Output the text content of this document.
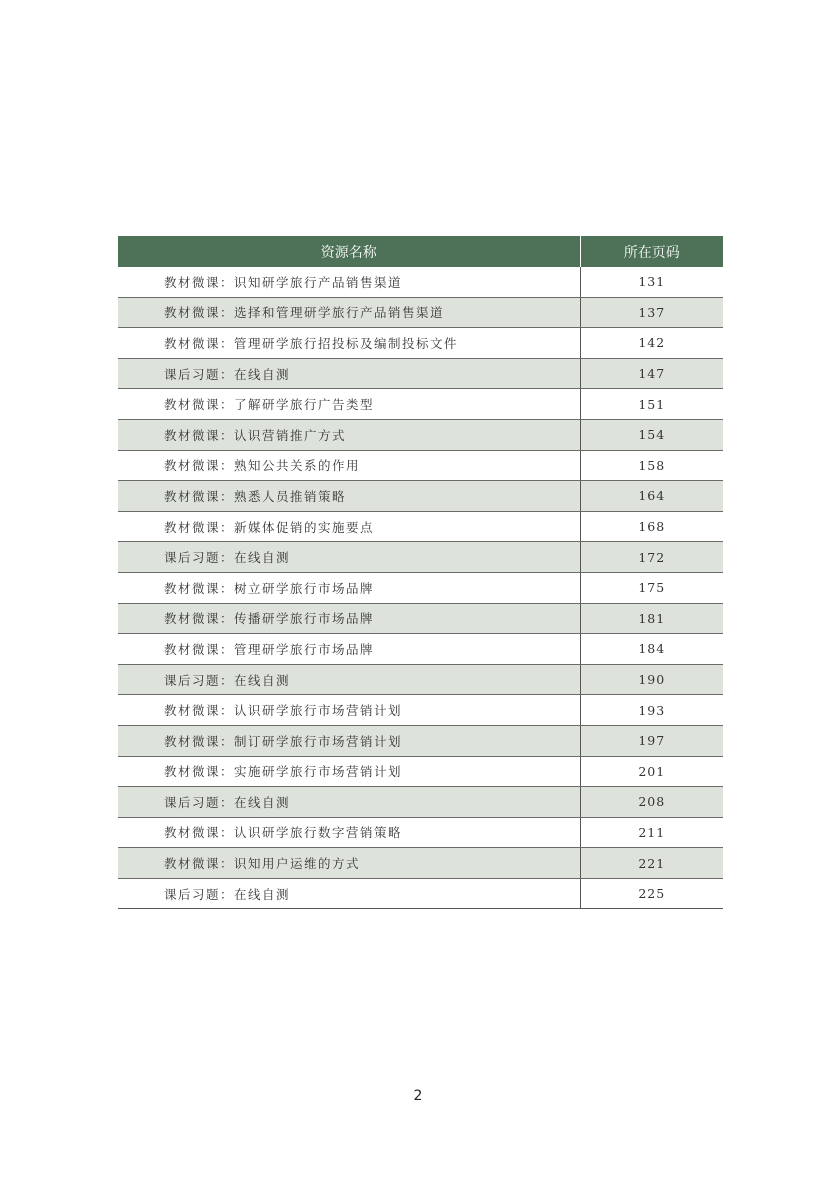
资源名称	所在页码
教材微课：识知研学旅行产品销售渠道	131
教材微课：选择和管理研学旅行产品销售渠道	137
教材微课：管理研学旅行招投标及编制投标文件	142
课后习题：在线自测	147
教材微课：了解研学旅行广告类型	151
教材微课：认识营销推广方式	154
教材微课：熟知公共关系的作用	158
教材微课：熟悉人员推销策略	164
教材微课：新媒体促销的实施要点	168
课后习题：在线自测	172
教材微课：树立研学旅行市场品牌	175
教材微课：传播研学旅行市场品牌	181
教材微课：管理研学旅行市场品牌	184
课后习题：在线自测	190
教材微课：认识研学旅行市场营销计划	193
教材微课：制订研学旅行市场营销计划	197
教材微课：实施研学旅行市场营销计划	201
课后习题：在线自测	208
教材微课：认识研学旅行数字营销策略	211
教材微课：识知用户运维的方式	221
课后习题：在线自测	225
2
